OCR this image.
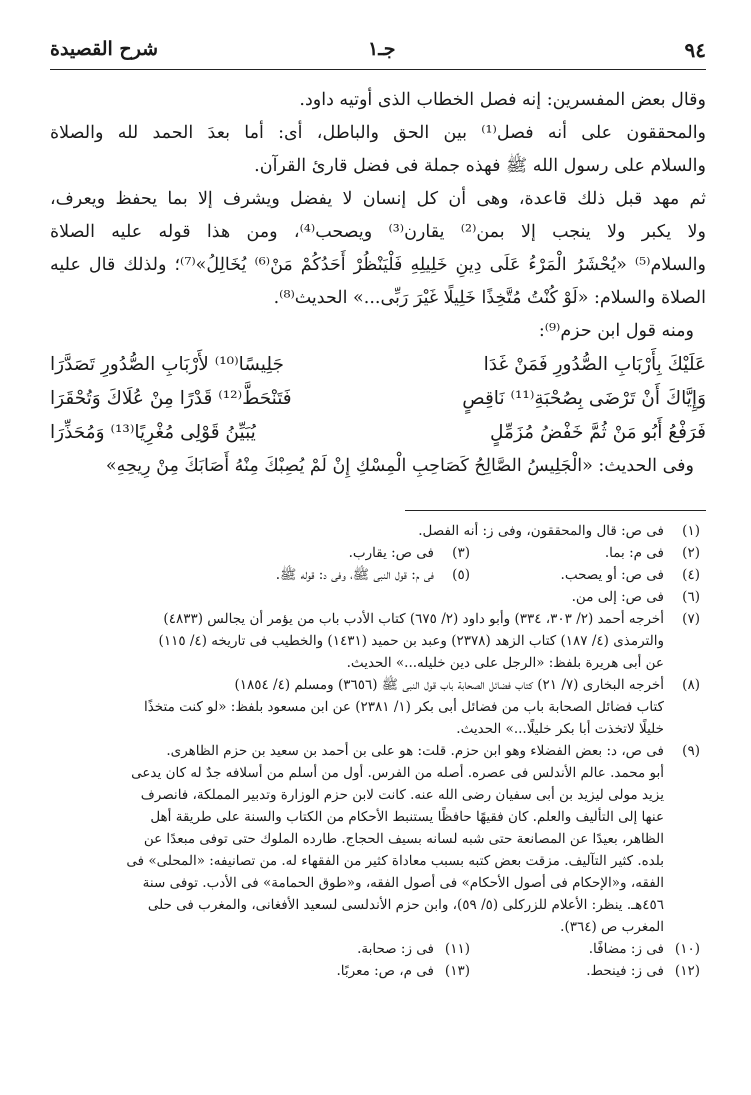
شرح القصيدة	جـ١	٩٤
وقال بعض المفسرين: إنه فصل الخطاب الذى أوتيه داود.
والمحققون على أنه فصل⁽¹⁾ بين الحق والباطل، أى: أما بعدَ الحمد لله والصلاة
والسلام على رسول الله ﷺ فهذه جملة فى فضل قارئ القرآن.
ثم مهد قبل ذلك قاعدة، وهى أن كل إنسان لا يفضل ويشرف إلا بما يحفظ ويعرف،
ولا يكبر ولا ينجب إلا بمن⁽²⁾ يقارن⁽³⁾ ويصحب⁽⁴⁾، ومن هذا قوله عليه الصلاة
والسلام⁽⁵⁾ «يُحْشَرُ الْمَرْءُ عَلَى دِينِ خَلِيلِهِ فَلْيَنْظُرْ أَحَدُكُمْ مَنْ⁽⁶⁾ يُخَالِلُ»⁽⁷⁾؛ ولذلك قال عليه
الصلاة والسلام: «لَوْ كُنْتُ مُتَّخِذًا خَلِيلًا غَيْرَ رَبِّى...» الحديث⁽⁸⁾.
ومنه قول ابن حزم⁽⁹⁾:
عَلَيْكَ بِأَرْبَابِ الصُّدُورِ فَمَنْ غَدَا
جَلِيسًا⁽¹⁰⁾ لأَرْبَابِ الصُّدُورِ تَصَدَّرَا
وَإِيَّاكَ أَنْ تَرْضَى بِصُحْبَةِ⁽¹¹⁾ نَاقِصٍ
فَتَنْحَطَّ⁽¹²⁾ قَدْرًا مِنْ عُلَاكَ وَتُحْقَرَا
فَرَفْعُ أَبُو مَنْ ثُمَّ خَفْضُ مُزَمِّلٍ
يُبَيِّنُ قَوْلِى مُغْرِيًا⁽¹³⁾ وَمُحَذِّرَا
وفى الحديث: «الْجَلِيسُ الصَّالِحُ كَصَاحِبِ الْمِسْكِ إِنْ لَمْ يُصِبْكَ مِنْهُ أَصَابَكَ مِنْ رِيحِهِ»
(١)
فى ص: قال والمحققون، وفى ز: أنه الفصل.
(٢)
فى م: بما.
(٣)
فى ص: يقارب.
(٤)
فى ص: أو يصحب.
(٥)
فى م: قول النبى ﷺ، وفى د: قوله ﷺ.
(٦)
فى ص: إلى من.
(٧)
أخرجه أحمد (٢/ ٣٠٣، ٣٣٤) وأبو داود (٢/ ٦٧٥) كتاب الأدب باب من يؤمر أن يجالس (٤٨٣٣)
والترمذى (٤/ ١٨٧) كتاب الزهد (٢٣٧٨) وعبد بن حميد (١٤٣١) والخطيب فى تاريخه (٤/ ١١٥)
عن أبى هريرة بلفظ: «الرجل على دين خليله...» الحديث.
(٨)
أخرجه البخارى (٧/ ٢١) كتاب فضائل الصحابة باب قول النبى ﷺ (٣٦٥٦) ومسلم (٤/ ١٨٥٤)
كتاب فضائل الصحابة باب من فضائل أبى بكر (١/ ٢٣٨١) عن ابن مسعود بلفظ: «لو كنت متخذًا
خليلًا لاتخذت أبا بكر خليلًا...» الحديث.
(٩)
فى ص، د: بعض الفضلاء وهو ابن حزم. قلت: هو على بن أحمد بن سعيد بن حزم الظاهرى.
أبو محمد. عالم الأندلس فى عصره. أصله من الفرس. أول من أسلم من أسلافه جدٌ له كان يدعى
يزيد مولى ليزيد بن أبى سفيان رضى الله عنه. كانت لابن حزم الوزارة وتدبير المملكة، فانصرف
عنها إلى التأليف والعلم. كان فقيهًا حافظًا يستنبط الأحكام من الكتاب والسنة على طريقة أهل
الظاهر، بعيدًا عن المصانعة حتى شبه لسانه بسيف الحجاج. طارده الملوك حتى توفى مبعدًا عن
بلده. كثير التآليف. مزقت بعض كتبه بسبب معاداة كثير من الفقهاء له. من تصانيفه: «المحلى» فى
الفقه، و«الإحكام فى أصول الأحكام» فى أصول الفقه، و«طوق الحمامة» فى الأدب. توفى سنة
٤٥٦هـ. ينظر: الأعلام للزركلى (٥/ ٥٩)، وابن حزم الأندلسى لسعيد الأفغانى، والمغرب فى حلى
المغرب ص (٣٦٤).
(١٠)
فى ز: مضافًا.
(١١)
فى ز: صحابة.
(١٢)
فى ز: فينحط.
(١٣)
فى م، ص: معربًا.
